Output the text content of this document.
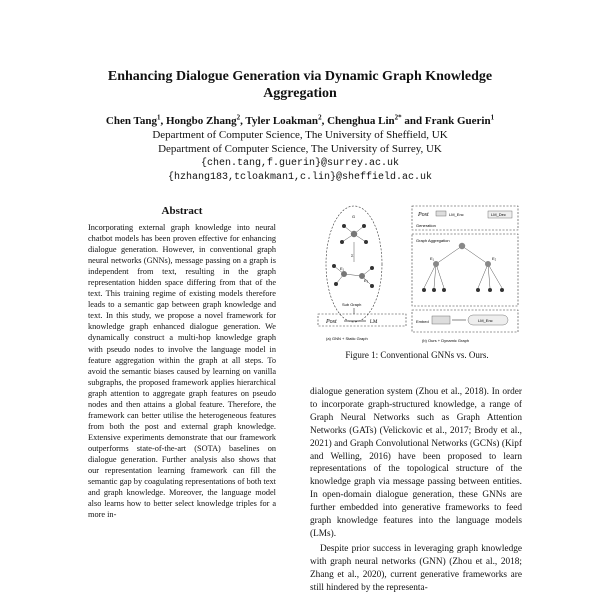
Enhancing Dialogue Generation via Dynamic Graph Knowledge
Aggregation
Chen Tang$^1$, Hongbo Zhang$^2$, Tyler Loakman$^2$, Chenghua Lin$^{2*}$ and Frank Guerin$^1$
Department of Computer Science, The University of Sheffield, UK
Department of Computer Science, The University of Surrey, UK
{chen.tang,f.guerin}@surrey.ac.uk
{hzhang183,tcloakman1,c.lin}@sheffield.ac.uk
Abstract
Incorporating external graph knowledge into neural chatbot models has been proven effective for enhancing dialogue generation. However, in conventional graph neural networks (GNNs), message passing on a graph is independent from text, resulting in the graph representation hidden space differing from that of the text. This training regime of existing models therefore leads to a semantic gap between graph knowledge and text. In this study, we propose a novel framework for knowledge graph enhanced dialogue generation. We dynamically construct a multi-hop knowledge graph with pseudo nodes to involve the language model in feature aggregation within the graph at all steps. To avoid the semantic biases caused by learning on vanilla subgraphs, the proposed framework applies hierarchical graph attention to aggregate graph features on pseudo nodes and then attains a global feature. Therefore, the framework can better utilise the heterogeneous features from both the post and external graph knowledge. Extensive experiments demonstrate that our framework outperforms state-of-the-art (SOTA) baselines on dialogue generation. Further analysis also shows that our representation learning framework can fill the semantic gap by coagulating representations of both text and graph knowledge. Moreover, the language model also learns how to better select knowledge triples for a more in-
G
Σ
E₁
E₂
Sub Graph
Post	LM
(a) GNN + Static Graph
Post	LM_Enc	LM_Dec
Generation
Graph Aggregation
E₁	E₂
Embed	LM_Enc
(b) Ours + Dynamic Graph
Figure 1: Conventional GNNs vs. Ours.

dialogue generation system (Zhou et al., 2018). In order to incorporate graph-structured knowledge, a range of Graph Neural Networks such as Graph Attention Networks (GATs) (Velickovic et al., 2017; Brody et al., 2021) and Graph Convolutional Networks (GCNs) (Kipf and Welling, 2016) have been proposed to learn representations of the topological structure of the knowledge graph via message passing between entities. In open-domain dialogue generation, these GNNs are further embedded into generative frameworks to feed graph knowledge features into the language models (LMs).

Despite prior success in leveraging graph knowledge with graph neural networks (GNN) (Zhou et al., 2018; Zhang et al., 2020), current generative frameworks are still hindered by the representa-
